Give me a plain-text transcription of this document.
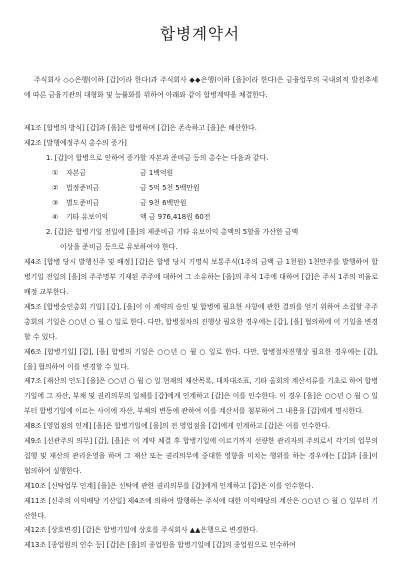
합병계약서

주식회사 ◇◇은행(이하 [갑]이라 한다)과 주식회사 ◆◆은행(이하 [을]이라 한다)은 금융업무의 국내외적 발전추세에 따른 금융기관의 대형화 및 능률화를 위하여 아래와 같이 합병계약을 체결한다.

제1조 [합병의 방식] [갑]과 [을]은 합병하며 [갑]은 존속하고 [을]은 해산한다.

제2조 [발행예정주식 총수의 증가]

1. [갑]이 합병으로 인하여 증가할 자본과 준비금 등의 총수는 다음과 같다.

①	자본금	금 1백억원
②	법정준비금	금 5억 5천 5백만원
③	별도준비금	금 9천 6백만원
④	기타 유보이익	액 금 976,418원 60전

2. [갑]은 합병기일 전일에 [을]의 제준비금 기타 유보이익 총액의 5할을 가산한 금액
이상을 준비금 등으로 유보하여야 한다.

제4조 [합병 당시 발행신주 및 배정] [갑]은 합병 당시 기명식 보통주식(1주의 금액 금 1천원) 1천만주를 발행하여 합병기일 전일의 [을]의 주주명부 기재된 주주에 대하여 그 소유하는 [을]의 주식 1주에 대하여 [갑]은 주식 1주의 비율로 배정 교부한다.

제5조 [합병승인총회 기일] [갑], [을]이 이 계약의 승인 및 합병에 필요한 사항에 관한 결의를 얻기 위하여 소집할 주주총회의 기일은 ○○년 ○ 월 ○ 일로 한다. 다만, 합병절차의 진행상 필요한 경우에는 [갑], [을] 협의하에 이 기일을 변경할 수 있다.

제6조 [합병기일] [갑], [을] 합병의 기일은 ○○년 ○ 월 ○ 일로 한다. 다만, 합병절차진행상 필요한 경우에는 [갑], [을] 협의하여 이를 변경할 수 있다.

제7조 [재산의 인도] [을]은 ○○년 ○ 월 ○ 일 현재의 재산목록, 대차대조표, 기타 올회의 계산서류를 기초로 하여 합병기일에 그 자산, 부채 및 권리의무의 일체를 [갑]에게 인계하고 [갑]은 이를 인수한다. 이 경우 [을]은 ○○년 ○ 월 ○ 일부터 합병기일에 이르는 사이에 자산, 부채의 변동에 관하여 이를 계산서를 첨부하여 그 내용을 [갑]에게 명시한다.

제8조 [영업점의 인계] [을]은 합병기일에 [을]의 전 영업점을 [갑]에게 인계하고 [갑]은 이를 인수한다.

제9조 [선관주의 의무] [갑], [을]은 이 계약 체결 후 합병기일에 이르기까지 선량한 관리자의 주의로서 각기의 업무의 집행 및 재산의 관리운영을 하며 그 재산 또는 권리의무에 중대한 영향을 미치는 행위를 하는 경우에는 [갑]과 [을]이 협의하여 실행한다.

제10조 [신탁업무 인계] [을]은 신탁에 관한 권리의무를 [갑]에게 인계하고 [갑]은 이를 인수한다.

제11조 [신주의 이익배당 기산일] 제4조에 의하여 발행하는 주식에 대한 이익배당의 계산은 ○○년 ○ 월 ○ 일부터 기산한다.

제12조 [상호변경] [갑]은 합병기일에 상호를 주식회사 ▲▲은행으로 변경한다.

제13조 [종업원의 인수 등] [갑]은 [을]의 종업원을 합병기일에 [갑]의 종업원으로 인수하여
